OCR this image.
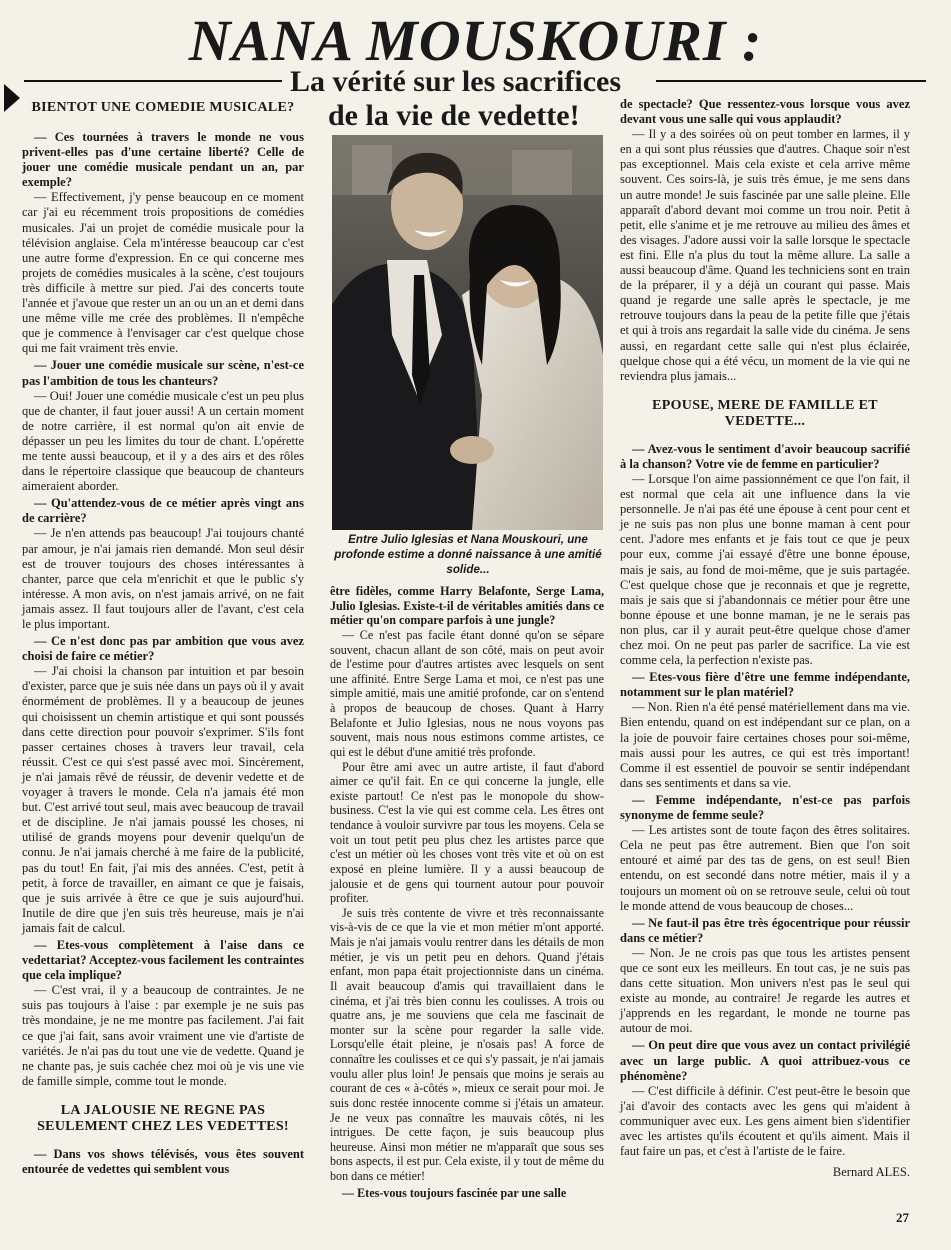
NANA MOUSKOURI :
La vérité sur les sacrifices
de la vie de vedette!
BIENTOT UNE COMEDIE MUSICALE?

— Ces tournées à travers le monde ne vous privent-elles pas d'une certaine liberté? Celle de jouer une comédie musicale pendant un an, par exemple?

— Effectivement, j'y pense beaucoup en ce moment car j'ai eu récemment trois propositions de comédies musicales. J'ai un projet de comédie musicale pour la télévision anglaise. Cela m'intéresse beaucoup car c'est une autre forme d'expression. En ce qui concerne mes projets de comédies musicales à la scène, c'est toujours très difficile à mettre sur pied. J'ai des concerts toute l'année et j'avoue que rester un an ou un an et demi dans une même ville me crée des problèmes. Il n'empêche que je commence à l'envisager car c'est quelque chose qui me fait vraiment très envie.

— Jouer une comédie musicale sur scène, n'est-ce pas l'ambition de tous les chanteurs?

— Oui! Jouer une comédie musicale c'est un peu plus que de chanter, il faut jouer aussi! A un certain moment de notre carrière, il est normal qu'on ait envie de dépasser un peu les limites du tour de chant. L'opérette me tente aussi beaucoup, et il y a des airs et des rôles dans le répertoire classique que beaucoup de chanteurs aimeraient aborder.

— Qu'attendez-vous de ce métier après vingt ans de carrière?

— Je n'en attends pas beaucoup! J'ai toujours chanté par amour, je n'ai jamais rien demandé. Mon seul désir est de trouver toujours des choses intéressantes à chanter, parce que cela m'enrichit et que le public s'y intéresse. A mon avis, on n'est jamais arrivé, on ne fait jamais assez. Il faut toujours aller de l'avant, c'est cela le plus important.

— Ce n'est donc pas par ambition que vous avez choisi de faire ce métier?

— J'ai choisi la chanson par intuition et par besoin d'exister, parce que je suis née dans un pays où il y avait énormément de problèmes. Il y a beaucoup de jeunes qui choisissent un chemin artistique et qui sont poussés dans cette direction pour pouvoir s'exprimer. S'ils font passer certaines choses à travers leur travail, cela réussit. C'est ce qui s'est passé avec moi. Sincèrement, je n'ai jamais rêvé de réussir, de devenir vedette et de voyager à travers le monde. Cela n'a jamais été mon but. C'est arrivé tout seul, mais avec beaucoup de travail et de discipline. Je n'ai jamais poussé les choses, ni utilisé de grands moyens pour devenir quelqu'un de connu. Je n'ai jamais cherché à me faire de la publicité, pas du tout! En fait, j'ai mis des années. C'est, petit à petit, à force de travailler, en aimant ce que je faisais, que je suis arrivée à être ce que je suis aujourd'hui. Inutile de dire que j'en suis très heureuse, mais je n'ai jamais fait de calcul.

— Etes-vous complètement à l'aise dans ce vedettariat? Acceptez-vous facilement les contraintes que cela implique?

— C'est vrai, il y a beaucoup de contraintes. Je ne suis pas toujours à l'aise : par exemple je ne suis pas très mondaine, je ne me montre pas facilement. J'ai fait ce que j'ai fait, sans avoir vraiment une vie d'artiste de variétés. Je n'ai pas du tout une vie de vedette. Quand je ne chante pas, je suis cachée chez moi où je vis une vie de famille simple, comme tout le monde.

LA JALOUSIE NE REGNE PAS SEULEMENT CHEZ LES VEDETTES!

— Dans vos shows télévisés, vous êtes souvent entourée de vedettes qui semblent vous

Entre Julio Iglesias et Nana Mouskouri, une profonde estime a donné naissance à une amitié solide...

être fidèles, comme Harry Belafonte, Serge Lama, Julio Iglesias. Existe-t-il de véritables amitiés dans ce métier qu'on compare parfois à une jungle?

— Ce n'est pas facile étant donné qu'on se sépare souvent, chacun allant de son côté, mais on peut avoir de l'estime pour d'autres artistes avec lesquels on sent une affinité. Entre Serge Lama et moi, ce n'est pas une simple amitié, mais une amitié profonde, car on s'entend à propos de beaucoup de choses. Quant à Harry Belafonte et Julio Iglesias, nous ne nous voyons pas souvent, mais nous nous estimons comme artistes, ce qui est le début d'une amitié très profonde.

Pour être ami avec un autre artiste, il faut d'abord aimer ce qu'il fait. En ce qui concerne la jungle, elle existe partout! Ce n'est pas le monopole du show-business. C'est la vie qui est comme cela. Les êtres ont tendance à vouloir survivre par tous les moyens. Cela se voit un tout petit peu plus chez les artistes parce que c'est un métier où les choses vont très vite et où on est exposé en pleine lumière. Il y a aussi beaucoup de jalousie et de gens qui tournent autour pour pouvoir profiter.

Je suis très contente de vivre et très reconnaissante vis-à-vis de ce que la vie et mon métier m'ont apporté. Mais je n'ai jamais voulu rentrer dans les détails de mon métier, je vis un petit peu en dehors. Quand j'étais enfant, mon papa était projectionniste dans un cinéma. Il avait beaucoup d'amis qui travaillaient dans le cinéma, et j'ai très bien connu les coulisses. A trois ou quatre ans, je me souviens que cela me fascinait de monter sur la scène pour regarder la salle vide. Lorsqu'elle était pleine, je n'osais pas! A force de connaître les coulisses et ce qui s'y passait, je n'ai jamais voulu aller plus loin! Je pensais que moins je serais au courant de ces « à-côtés », mieux ce serait pour moi. Je suis donc restée innocente comme si j'étais un amateur. Je ne veux pas connaître les mauvais côtés, ni les intrigues. De cette façon, je suis beaucoup plus heureuse. Ainsi mon métier ne m'apparaît que sous ses bons aspects, il est pur. Cela existe, il y tout de même du bon dans ce métier!

— Etes-vous toujours fascinée par une salle

de spectacle? Que ressentez-vous lorsque vous avez devant vous une salle qui vous applaudit?

— Il y a des soirées où on peut tomber en larmes, il y en a qui sont plus réussies que d'autres. Chaque soir n'est pas exceptionnel. Mais cela existe et cela arrive même souvent. Ces soirs-là, je suis très émue, je me sens dans un autre monde! Je suis fascinée par une salle pleine. Elle apparaît d'abord devant moi comme un trou noir. Petit à petit, elle s'anime et je me retrouve au milieu des âmes et des visages. J'adore aussi voir la salle lorsque le spectacle est fini. Elle n'a plus du tout la même allure. La salle a aussi beaucoup d'âme. Quand les techniciens sont en train de la préparer, il y a déjà un courant qui passe. Mais quand je regarde une salle après le spectacle, je me retrouve toujours dans la peau de la petite fille que j'étais et qui à trois ans regardait la salle vide du cinéma. Je sens aussi, en regardant cette salle qui n'est plus éclairée, quelque chose qui a été vécu, un moment de la vie qui ne reviendra plus jamais...

EPOUSE, MERE DE FAMILLE ET VEDETTE...

— Avez-vous le sentiment d'avoir beaucoup sacrifié à la chanson? Votre vie de femme en particulier?

— Lorsque l'on aime passionnément ce que l'on fait, il est normal que cela ait une influence dans la vie personnelle. Je n'ai pas été une épouse à cent pour cent et je ne suis pas non plus une bonne maman à cent pour cent. J'adore mes enfants et je fais tout ce que je peux pour eux, comme j'ai essayé d'être une bonne épouse, mais je sais, au fond de moi-même, que je suis partagée. C'est quelque chose que je reconnais et que je regrette, mais je sais que si j'abandonnais ce métier pour être une bonne épouse et une bonne maman, je ne le serais pas non plus, car il y aurait peut-être quelque chose d'amer chez moi. On ne peut pas parler de sacrifice. La vie est comme cela, la perfection n'existe pas.

— Etes-vous fière d'être une femme indépendante, notamment sur le plan matériel?

— Non. Rien n'a été pensé matériellement dans ma vie. Bien entendu, quand on est indépendant sur ce plan, on a la joie de pouvoir faire certaines choses pour soi-même, mais aussi pour les autres, ce qui est très important! Comme il est essentiel de pouvoir se sentir indépendant dans ses sentiments et dans sa vie.

— Femme indépendante, n'est-ce pas parfois synonyme de femme seule?

— Les artistes sont de toute façon des êtres solitaires. Cela ne peut pas être autrement. Bien que l'on soit entouré et aimé par des tas de gens, on est seul! Bien entendu, on est secondé dans notre métier, mais il y a toujours un moment où on se retrouve seule, celui où tout le monde attend de vous beaucoup de choses...

— Ne faut-il pas être très égocentrique pour réussir dans ce métier?

— Non. Je ne crois pas que tous les artistes pensent que ce sont eux les meilleurs. En tout cas, je ne suis pas dans cette situation. Mon univers n'est pas le seul qui existe au monde, au contraire! Je regarde les autres et j'apprends en les regardant, le monde ne tourne pas autour de moi.

— On peut dire que vous avez un contact privilégié avec un large public. A quoi attribuez-vous ce phénomène?

— C'est difficile à définir. C'est peut-être le besoin que j'ai d'avoir des contacts avec les gens qui m'aident à communiquer avec eux. Les gens aiment bien s'identifier avec les artistes qu'ils écoutent et qu'ils aiment. Mais il faut faire un pas, et c'est à l'artiste de le faire.

Bernard ALES.
27
